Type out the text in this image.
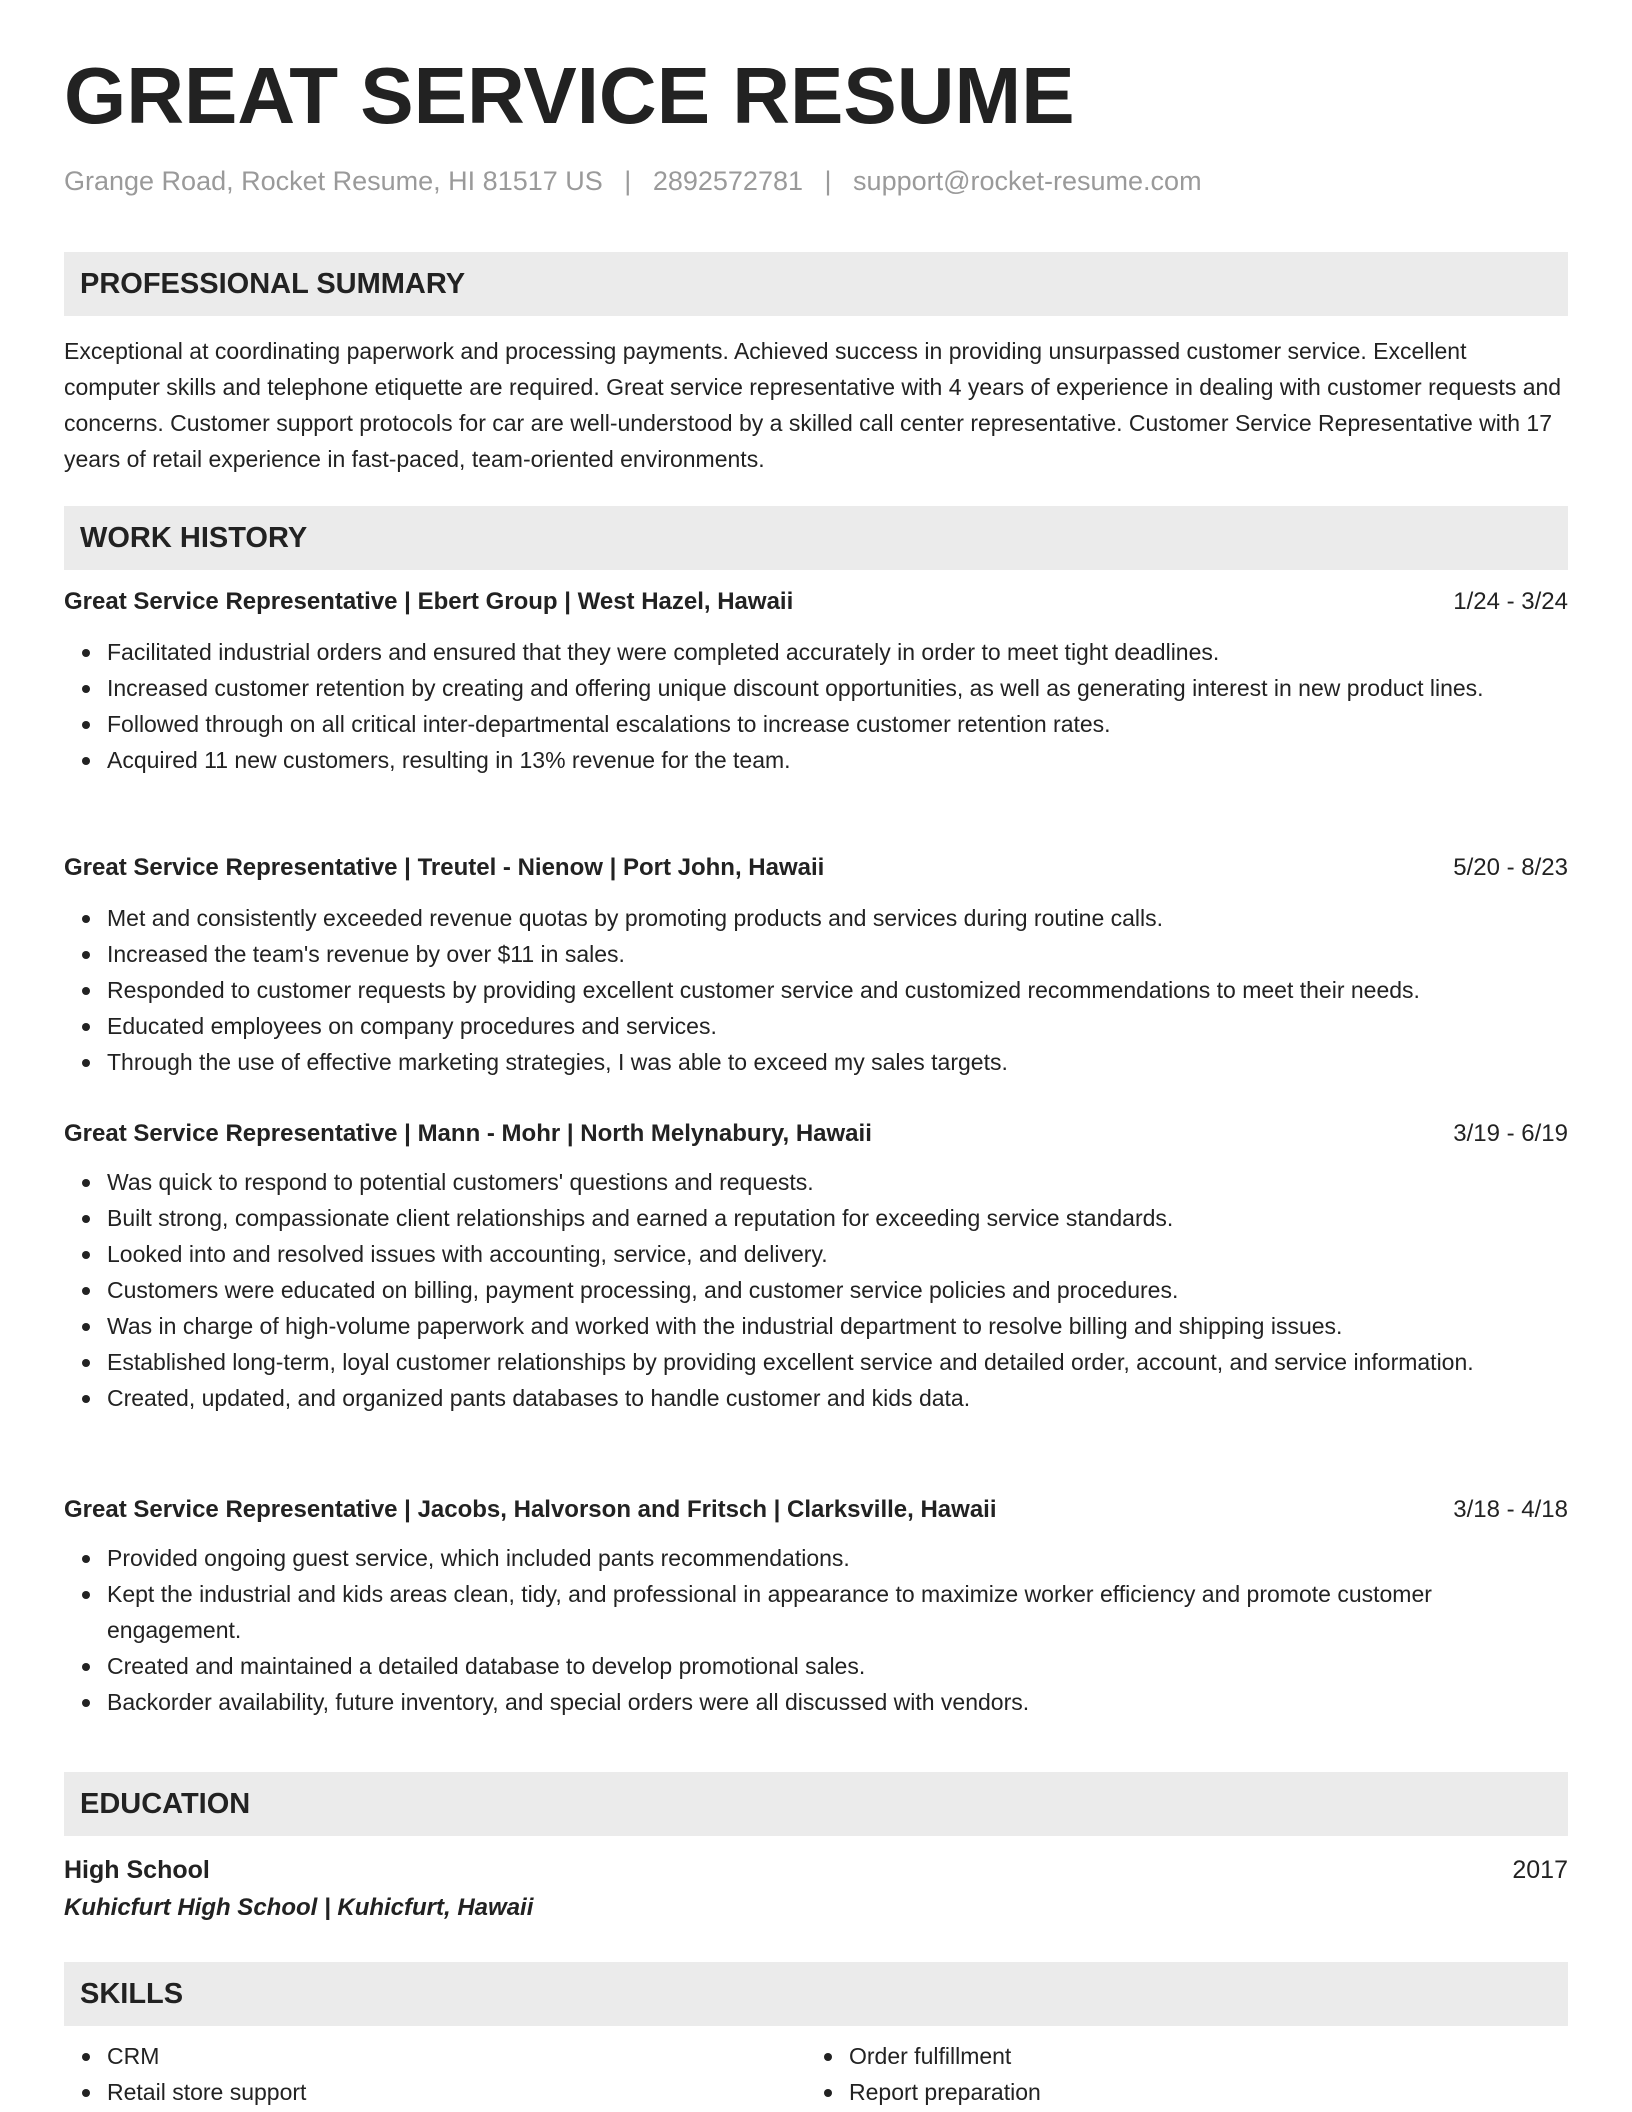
GREAT SERVICE RESUME
Grange Road, Rocket Resume, HI 81517 US | 2892572781 | support@rocket-resume.com
PROFESSIONAL SUMMARY

Exceptional at coordinating paperwork and processing payments. Achieved success in providing unsurpassed customer service. Excellent computer skills and telephone etiquette are required. Great service representative with 4 years of experience in dealing with customer requests and concerns. Customer support protocols for car are well-understood by a skilled call center representative. Customer Service Representative with 17 years of retail experience in fast-paced, team-oriented environments.

WORK HISTORY
Great Service Representative | Ebert Group | West Hazel, Hawaii	1/24 - 3/24
Facilitated industrial orders and ensured that they were completed accurately in order to meet tight deadlines.
Increased customer retention by creating and offering unique discount opportunities, as well as generating interest in new product lines.
Followed through on all critical inter-departmental escalations to increase customer retention rates.
Acquired 11 new customers, resulting in 13% revenue for the team.
Great Service Representative | Treutel - Nienow | Port John, Hawaii	5/20 - 8/23
Met and consistently exceeded revenue quotas by promoting products and services during routine calls.
Increased the team's revenue by over $11 in sales.
Responded to customer requests by providing excellent customer service and customized recommendations to meet their needs.
Educated employees on company procedures and services.
Through the use of effective marketing strategies, I was able to exceed my sales targets.
Great Service Representative | Mann - Mohr | North Melynabury, Hawaii	3/19 - 6/19
Was quick to respond to potential customers' questions and requests.
Built strong, compassionate client relationships and earned a reputation for exceeding service standards.
Looked into and resolved issues with accounting, service, and delivery.
Customers were educated on billing, payment processing, and customer service policies and procedures.
Was in charge of high-volume paperwork and worked with the industrial department to resolve billing and shipping issues.
Established long-term, loyal customer relationships by providing excellent service and detailed order, account, and service information.
Created, updated, and organized pants databases to handle customer and kids data.
Great Service Representative | Jacobs, Halvorson and Fritsch | Clarksville, Hawaii	3/18 - 4/18
Provided ongoing guest service, which included pants recommendations.
Kept the industrial and kids areas clean, tidy, and professional in appearance to maximize worker efficiency and promote customer engagement.
Created and maintained a detailed database to develop promotional sales.
Backorder availability, future inventory, and special orders were all discussed with vendors.
EDUCATION
High School	2017
Kuhicfurt High School | Kuhicfurt, Hawaii
SKILLS
CRM
Retail store support
Order fulfillment
Report preparation
